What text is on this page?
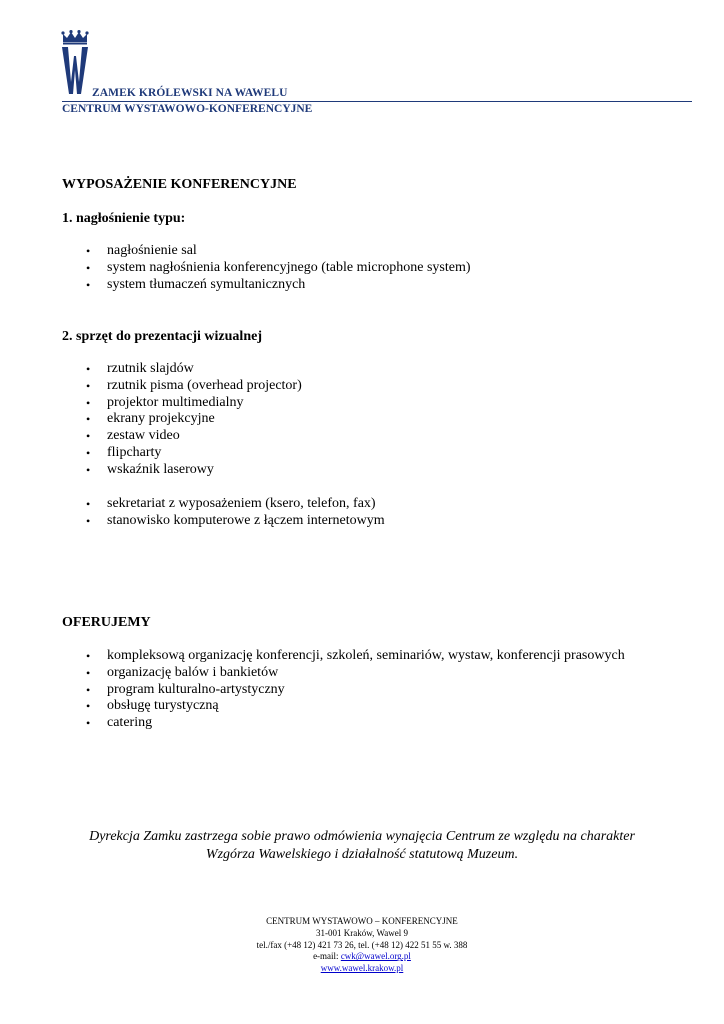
ZAMEK KRÓLEWSKI NA WAWELU
CENTRUM WYSTAWOWO-KONFERENCYJNE
WYPOSAŻENIE KONFERENCYJNE
1. nagłośnienie typu:
• nagłośnienie sal
• system nagłośnienia konferencyjnego (table microphone system)
• system tłumaczeń symultanicznych
2. sprzęt do prezentacji wizualnej
• rzutnik slajdów
• rzutnik pisma (overhead projector)
• projektor multimedialny
• ekrany projekcyjne
• zestaw video
• flipcharty
• wskaźnik laserowy
• sekretariat z wyposażeniem (ksero, telefon, fax)
• stanowisko komputerowe z łączem internetowym
OFERUJEMY
• kompleksową organizację konferencji, szkoleń, seminariów, wystaw, konferencji prasowych
• organizację balów i bankietów
• program kulturalno-artystyczny
• obsługę turystyczną
• catering
Dyrekcja Zamku zastrzega sobie prawo odmówienia wynajęcia Centrum ze względu na charakter
Wzgórza Wawelskiego i działalność statutową Muzeum.
CENTRUM WYSTAWOWO – KONFERENCYJNE
31-001 Kraków, Wawel 9
tel./fax (+48 12) 421 73 26, tel. (+48 12) 422 51 55 w. 388
e-mail: cwk@wawel.org.pl
www.wawel.krakow.pl
